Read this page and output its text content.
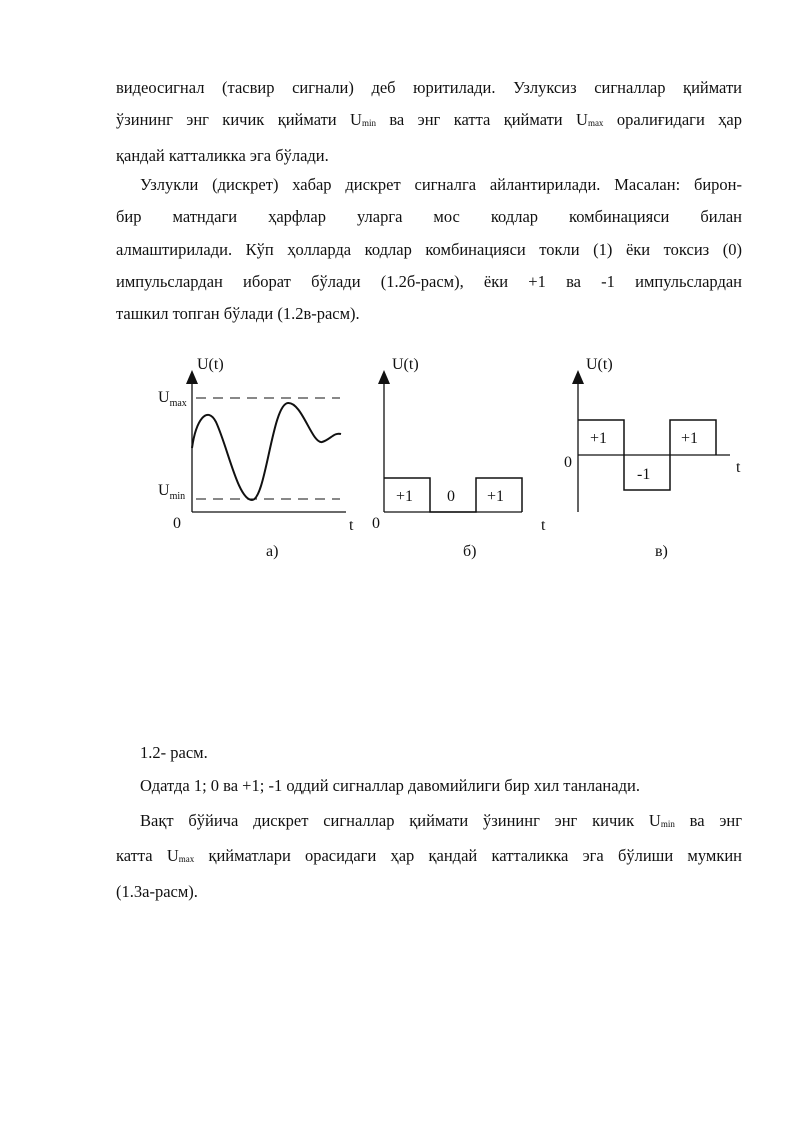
видеосигнал (тасвир сигнали) деб юритилади. Узлуксиз сигналлар қиймати
ўзининг энг кичик қиймати $U_{min}$ ва энг катта қиймати $U_{max}$ оралиғидаги ҳар
қандай катталикка эга бўлади.
Узлукли (дискрет) хабар дискрет сигналга айлантирилади. Масалан: бирон-
бир матндаги ҳарфлар уларга мос кодлар комбинацияси билан
алмаштирилади. Кўп ҳолларда кодлар комбинацияси токли (1) ёки токсиз (0)
импульслардан иборат бўлади (1.2б-расм), ёки +1 ва -1 импульслардан
ташкил топган бўлади (1.2в-расм).
U(t)
$U_{max}$
$U_{min}$
0	t
а)
U(t)
+1 0 +1
0	t
б)
U(t)
+1
-1
+1
0	t
в)

1.2- расм.

Одатда 1; 0 ва +1; -1 оддий сигналлар давомийлиги бир хил танланади.
Вақт бўйича дискрет сигналлар қиймати ўзининг энг кичик $U_{min}$ ва энг
катта $U_{max}$ қийматлари орасидаги ҳар қандай катталикка эга бўлиши мумкин
(1.3а-расм).
